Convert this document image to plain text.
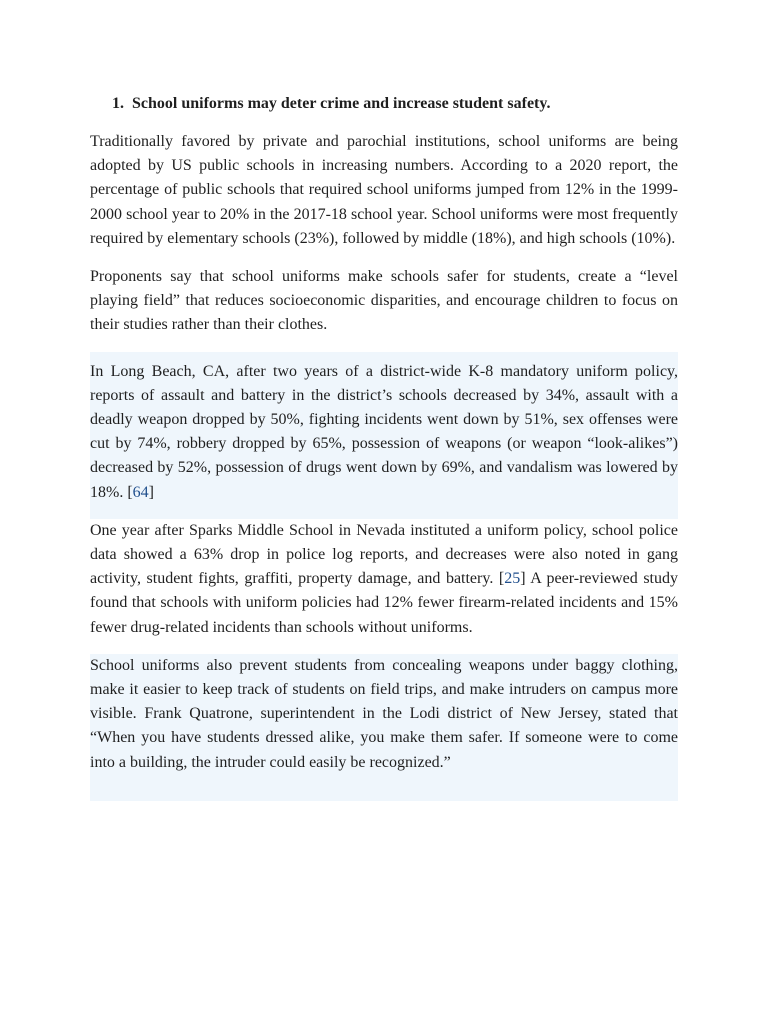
1. School uniforms may deter crime and increase student safety.

Traditionally favored by private and parochial institutions, school uniforms are being adopted by US public schools in increasing numbers. According to a 2020 report, the percentage of public schools that required school uniforms jumped from 12% in the 1999-2000 school year to 20% in the 2017-18 school year. School uniforms were most frequently required by elementary schools (23%), followed by middle (18%), and high schools (10%).

Proponents say that school uniforms make schools safer for students, create a “level playing field” that reduces socioeconomic disparities, and encourage children to focus on their studies rather than their clothes.

In Long Beach, CA, after two years of a district-wide K-8 mandatory uniform policy, reports of assault and battery in the district’s schools decreased by 34%, assault with a deadly weapon dropped by 50%, fighting incidents went down by 51%, sex offenses were cut by 74%, robbery dropped by 65%, possession of weapons (or weapon “look-alikes”) decreased by 52%, possession of drugs went down by 69%, and vandalism was lowered by 18%. [64]

One year after Sparks Middle School in Nevada instituted a uniform policy, school police data showed a 63% drop in police log reports, and decreases were also noted in gang activity, student fights, graffiti, property damage, and battery. [25] A peer-reviewed study found that schools with uniform policies had 12% fewer firearm-related incidents and 15% fewer drug-related incidents than schools without uniforms.

School uniforms also prevent students from concealing weapons under baggy clothing, make it easier to keep track of students on field trips, and make intruders on campus more visible. Frank Quatrone, superintendent in the Lodi district of New Jersey, stated that “When you have students dressed alike, you make them safer. If someone were to come into a building, the intruder could easily be recognized.”
